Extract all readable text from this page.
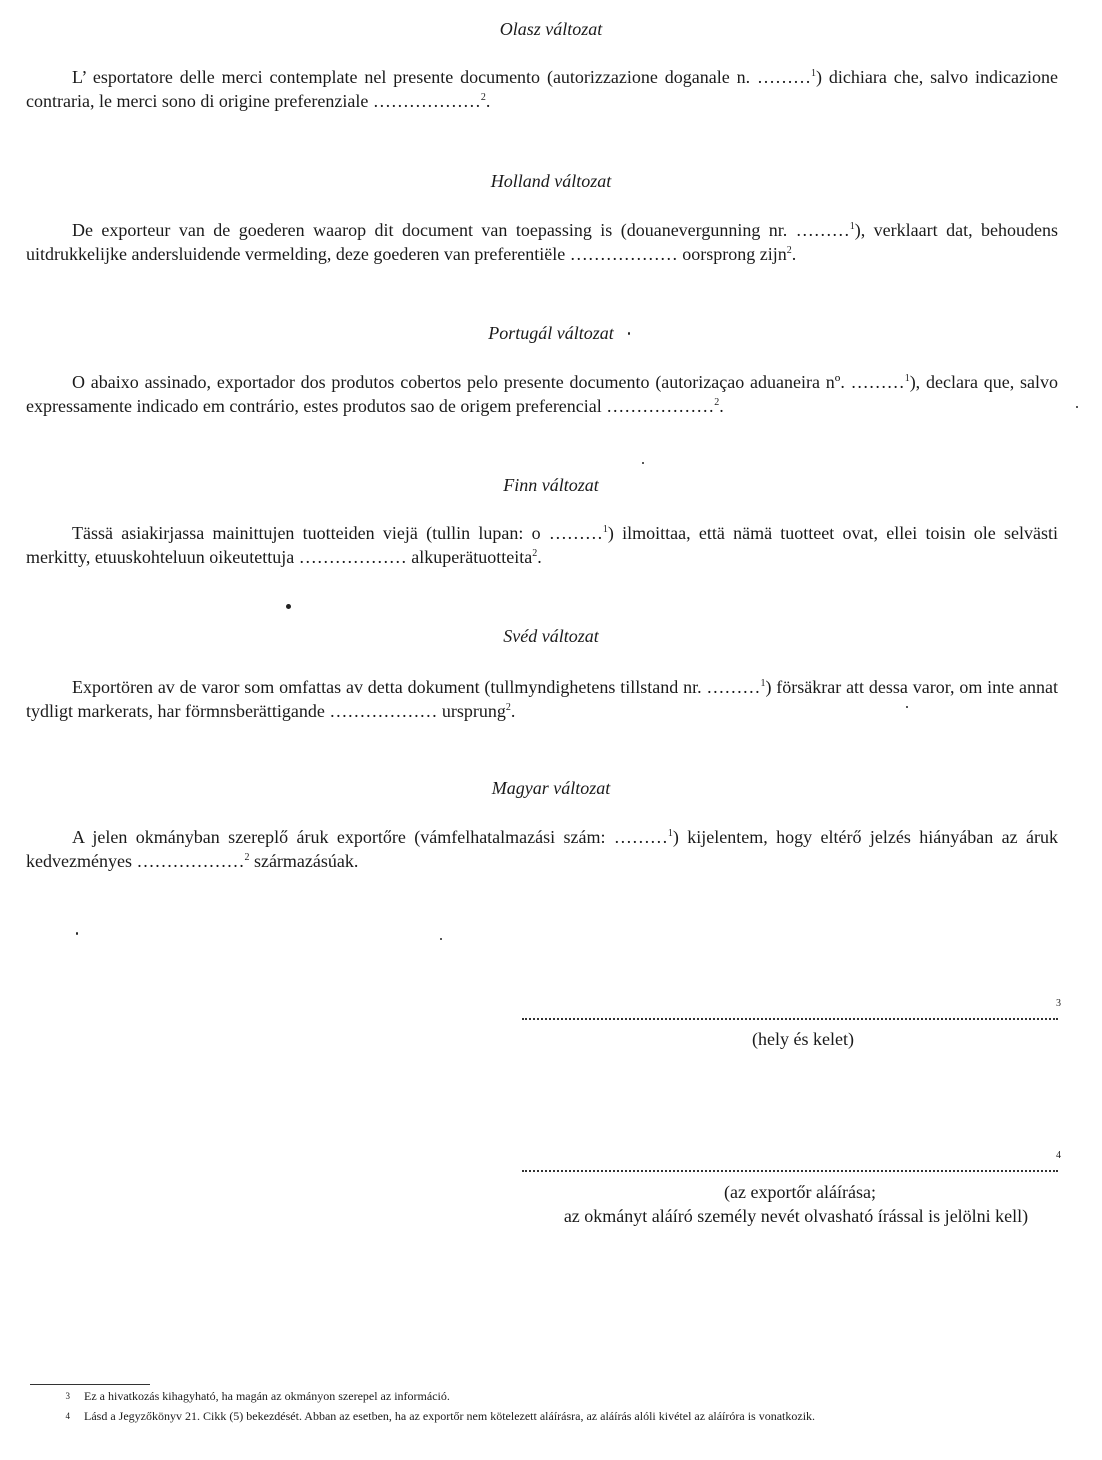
Olasz változat
L’ esportatore delle merci contemplate nel presente documento (autorizzazione doganale n. ………$^1$) dichiara che, salvo indicazione contraria, le merci sono di origine preferenziale ………………$^2$.
Holland változat
De exporteur van de goederen waarop dit document van toepassing is (douanevergunning nr. ………$^1$), verklaart dat, behoudens uitdrukkelijke andersluidende vermelding, deze goederen van preferentiële ……………… oorsprong zijn$^2$.
Portugál változat
O abaixo assinado, exportador dos produtos cobertos pelo presente documento (autorizaçao aduaneira nº. ………$^1$), declara que, salvo expressamente indicado em contrário, estes produtos sao de origem preferencial ………………$^2$.
Finn változat
Tässä asiakirjassa mainittujen tuotteiden viejä (tullin lupan: o ………$^1$) ilmoittaa, että nämä tuotteet ovat, ellei toisin ole selvästi merkitty, etuuskohteluun oikeutettuja ……………… alkuperätuotteita$^2$.
Svéd változat
Exportören av de varor som omfattas av detta dokument (tullmyndighetens tillstand nr. ………$^1$) försäkrar att dessa varor, om inte annat tydligt markerats, har förmnsberättigande ……………… ursprung$^2$.
Magyar változat
A jelen okmányban szereplő áruk exportőre (vámfelhatalmazási szám: ………$^1$) kijelentem, hogy eltérő jelzés hiányában az áruk kedvezményes ………………$^2$ származásúak.
3
(hely és kelet)
4
(az exportőr aláírása;
az okmányt aláíró személy nevét olvasható írással is jelölni kell)
3 Ez a hivatkozás kihagyható, ha magán az okmányon szerepel az információ.
4 Lásd a Jegyzőkönyv 21. Cikk (5) bekezdését. Abban az esetben, ha az exportőr nem kötelezett aláírásra, az aláírás alóli kivétel az aláíróra is vonatkozik.
